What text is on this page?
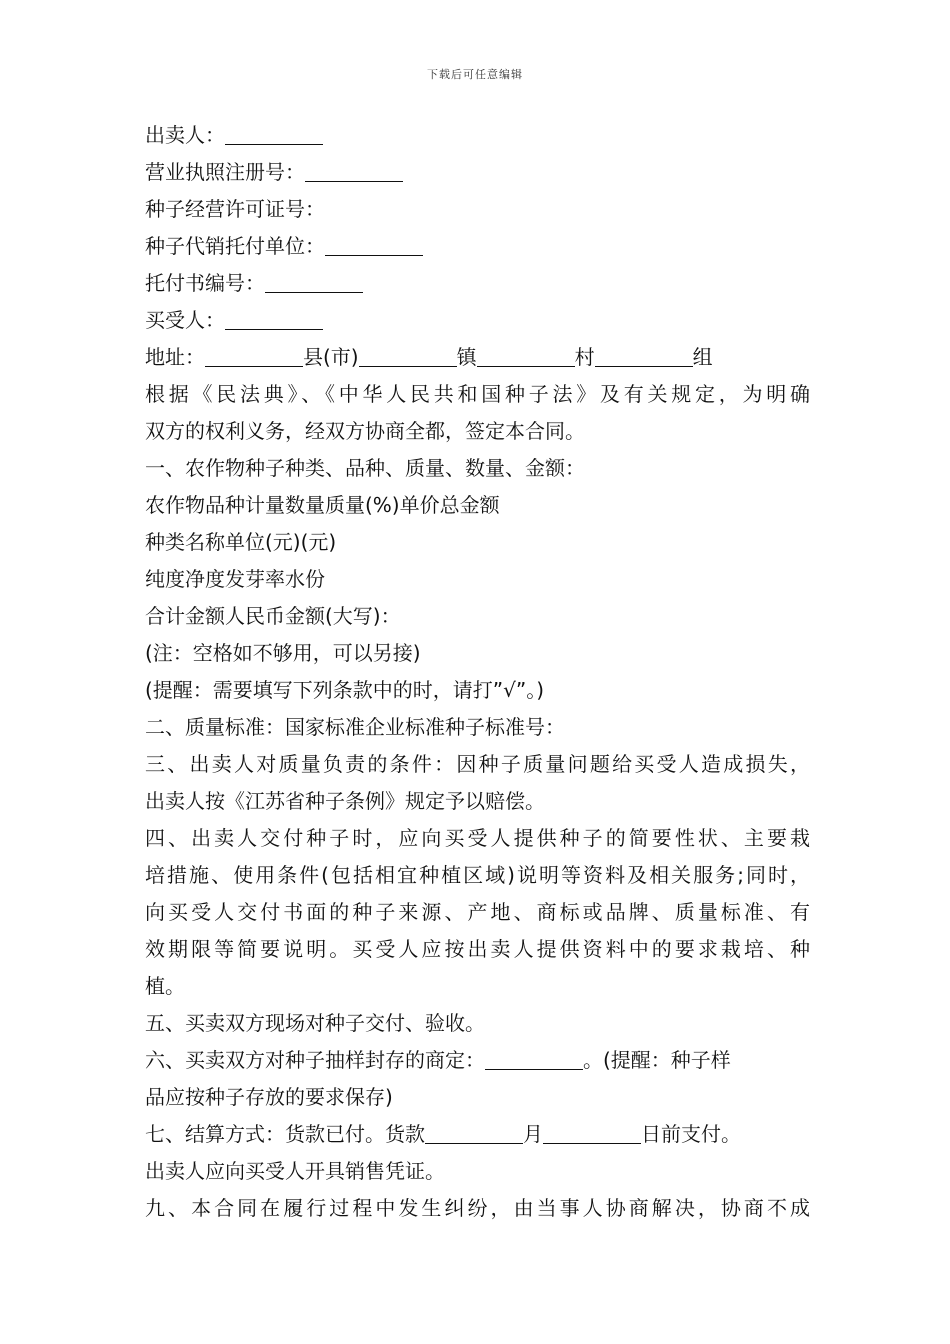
下载后可任意编辑
出卖人：
营业执照注册号：
种子经营许可证号：
种子代销托付单位：
托付书编号：
买受人：
地址：	县(市)	镇	村	组
根据《民法典》、《中华人民共和国种子法》及有关规定，为明确
双方的权利义务，经双方协商全都，签定本合同。
一、农作物种子种类、品种、质量、数量、金额：
农作物品种计量数量质量(%)单价总金额
种类名称单位(元)(元)
纯度净度发芽率水份
合计金额人民币金额(大写)：
(注：空格如不够用，可以另接)
(提醒：需要填写下列条款中的时，请打”√”。)
二、质量标准：国家标准企业标准种子标准号：
三、出卖人对质量负责的条件：因种子质量问题给买受人造成损失，
出卖人按《江苏省种子条例》规定予以赔偿。
四、出卖人交付种子时，应向买受人提供种子的简要性状、主要栽
培措施、使用条件(包括相宜种植区域)说明等资料及相关服务;同时，
向买受人交付书面的种子来源、产地、商标或品牌、质量标准、有
效期限等简要说明。买受人应按出卖人提供资料中的要求栽培、种
植。
五、买卖双方现场对种子交付、验收。
六、买卖双方对种子抽样封存的商定：	。(提醒：种子样
品应按种子存放的要求保存)
七、结算方式：货款已付。货款	月	日前支付。
出卖人应向买受人开具销售凭证。
九、本合同在履行过程中发生纠纷，由当事人协商解决，协商不成
